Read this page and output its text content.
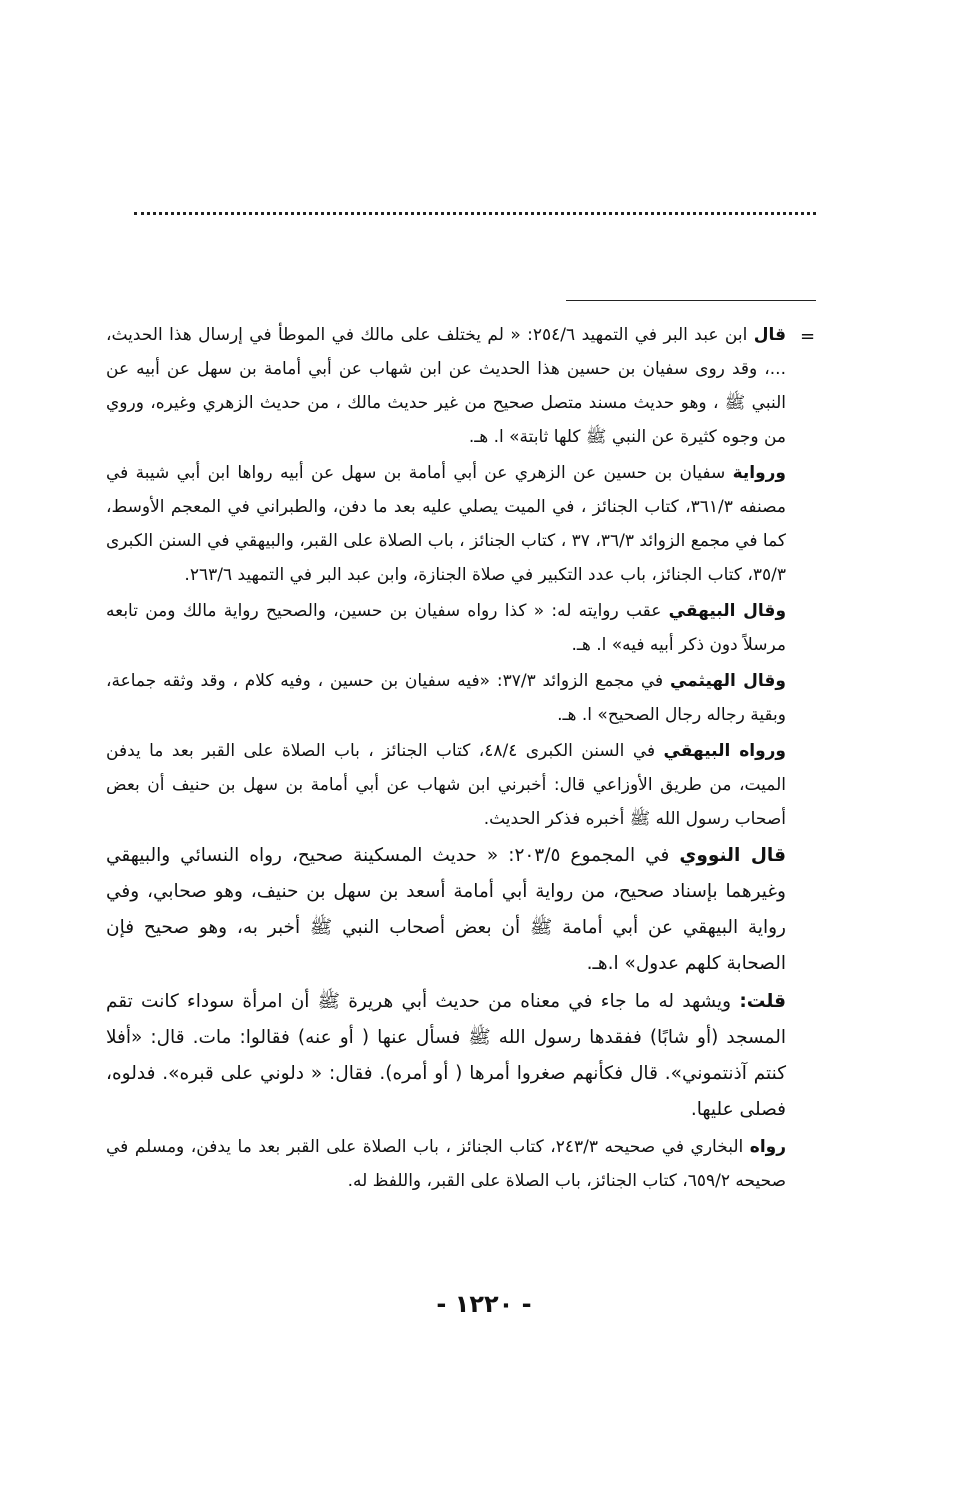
=

قال ابن عبد البر في التمهيد ٢٥٤/٦: « لم يختلف على مالك في الموطأ في إرسال هذا الحديث، ...، وقد روى سفيان بن حسين هذا الحديث عن ابن شهاب عن أبي أمامة بن سهل عن أبيه عن النبي ﷺ ، وهو حديث مسند متصل صحيح من غير حديث مالك ، من حديث الزهري وغيره، وروي من وجوه كثيرة عن النبي ﷺ كلها ثابتة» ا. هـ.

ورواية سفيان بن حسين عن الزهري عن أبي أمامة بن سهل عن أبيه رواها ابن أبي شيبة في مصنفه ٣٦١/٣، كتاب الجنائز ، في الميت يصلي عليه بعد ما دفن، والطبراني في المعجم الأوسط، كما في مجمع الزوائد ٣٦/٣، ٣٧ ، كتاب الجنائز ، باب الصلاة على القبر، والبيهقي في السنن الكبرى ٣٥/٣، كتاب الجنائز، باب عدد التكبير في صلاة الجنازة، وابن عبد البر في التمهيد ٢٦٣/٦.

وقال البيهقي عقب روايته له: « كذا رواه سفيان بن حسين، والصحيح رواية مالك ومن تابعه مرسلاً دون ذكر أبيه فيه» ا. هـ.

وقال الهيثمي في مجمع الزوائد ٣٧/٣: «فيه سفيان بن حسين ، وفيه كلام ، وقد وثقه جماعة، وبقية رجاله رجال الصحيح» ا. هـ.

ورواه البيهقي في السنن الكبرى ٤٨/٤، كتاب الجنائز ، باب الصلاة على القبر بعد ما يدفن الميت، من طريق الأوزاعي قال: أخبرني ابن شهاب عن أبي أمامة بن سهل بن حنيف أن بعض أصحاب رسول الله ﷺ أخبره فذكر الحديث.

قال النووي في المجموع ٢٠٣/٥: « حديث المسكينة صحيح، رواه النسائي والبيهقي وغيرهما بإسناد صحيح، من رواية أبي أمامة أسعد بن سهل بن حنيف، وهو صحابي، وفي رواية البيهقي عن أبي أمامة ﷺ أن بعض أصحاب النبي ﷺ أخبر به، وهو صحيح فإن الصحابة كلهم عدول» ا.هـ.

قلت: ويشهد له ما جاء في معناه من حديث أبي هريرة ﷺ أن امرأة سوداء كانت تقم المسجد (أو شابًا) ففقدها رسول الله ﷺ فسأل عنها ( أو عنه) فقالوا: مات. قال: «أفلا كنتم آذنتموني». قال فكأنهم صغروا أمرها ( أو أمره). فقال: « دلوني على قبره». فدلوه، فصلى عليها.

رواه البخاري في صحيحه ٢٤٣/٣، كتاب الجنائز ، باب الصلاة على القبر بعد ما يدفن، ومسلم في صحيحه ٦٥٩/٢، كتاب الجنائز، باب الصلاة على القبر، واللفظ له.

- ١٢٢٠ -
